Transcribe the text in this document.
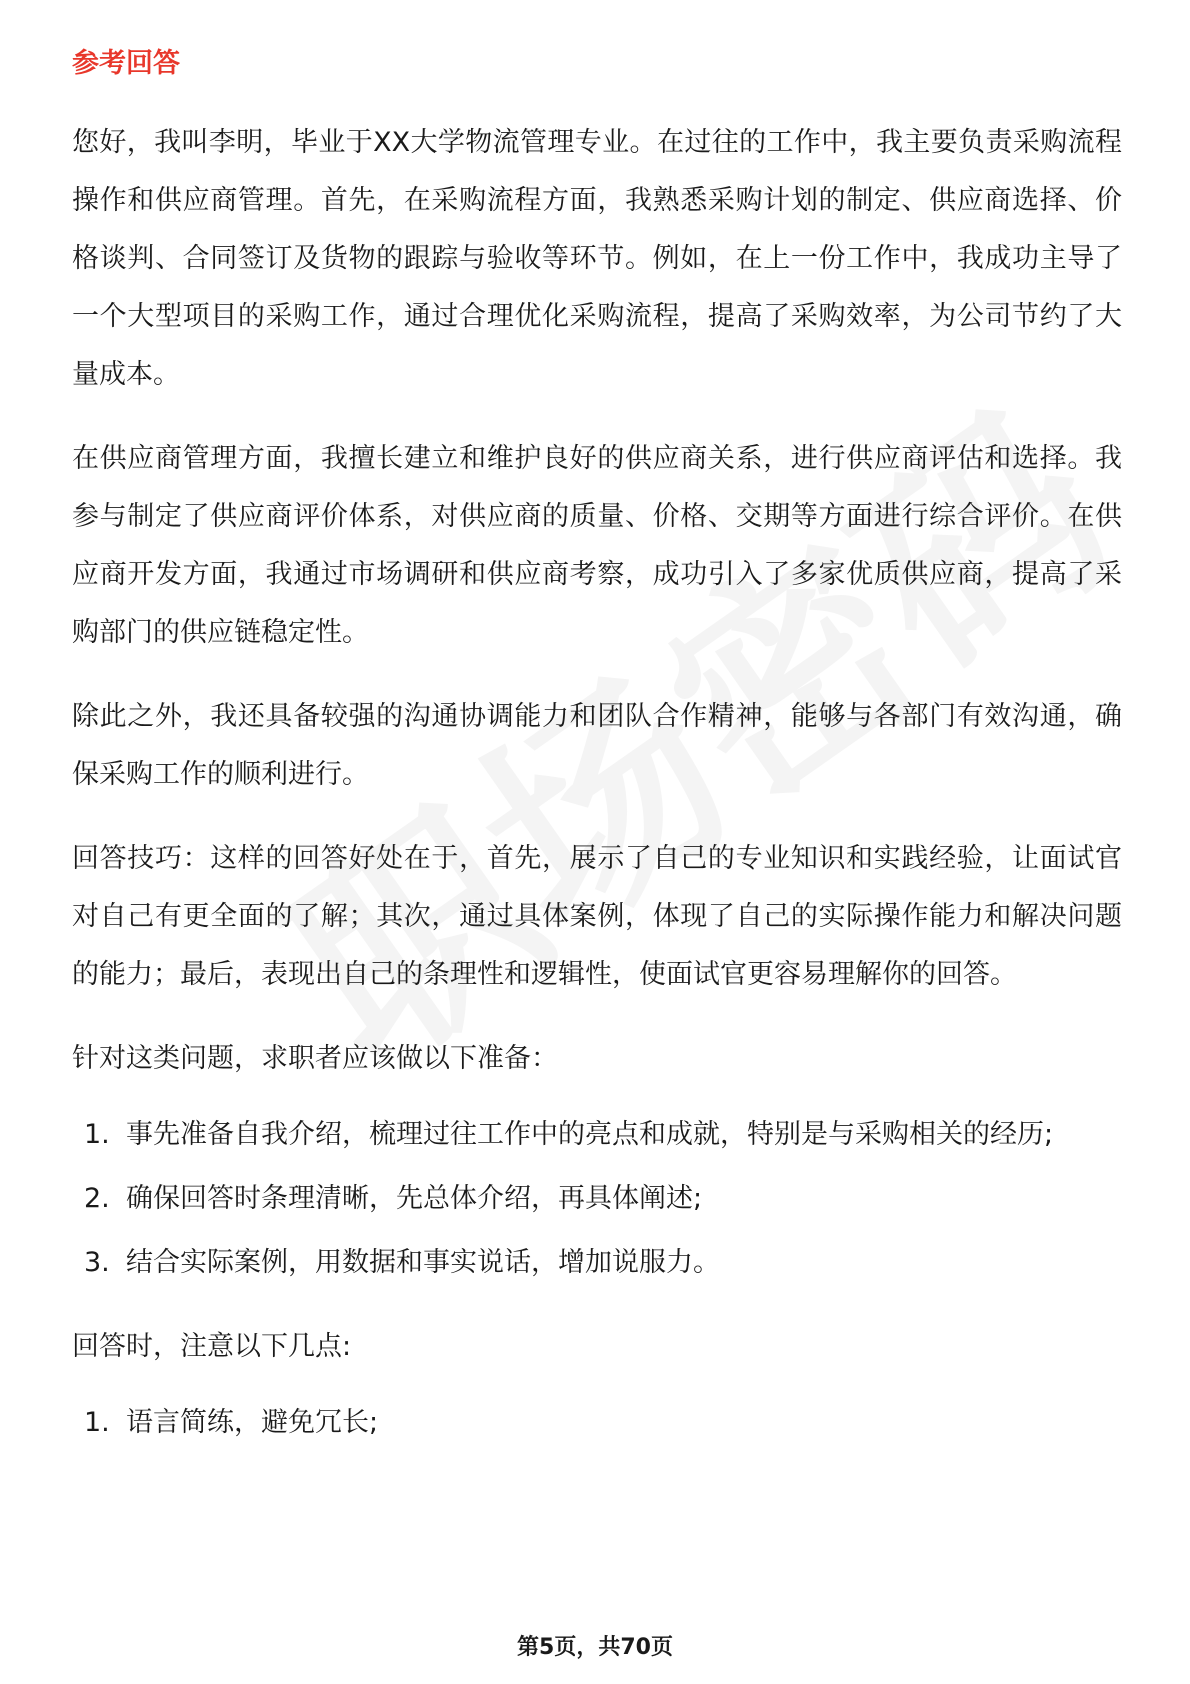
参考回答

您好，我叫李明，毕业于XX大学物流管理专业。在过往的工作中，我主要负责采购流程操作和供应商管理。首先，在采购流程方面，我熟悉采购计划的制定、供应商选择、价格谈判、合同签订及货物的跟踪与验收等环节。例如，在上一份工作中，我成功主导了一个大型项目的采购工作，通过合理优化采购流程，提高了采购效率，为公司节约了大量成本。

在供应商管理方面，我擅长建立和维护良好的供应商关系，进行供应商评估和选择。我参与制定了供应商评价体系，对供应商的质量、价格、交期等方面进行综合评价。在供应商开发方面，我通过市场调研和供应商考察，成功引入了多家优质供应商，提高了采购部门的供应链稳定性。

除此之外，我还具备较强的沟通协调能力和团队合作精神，能够与各部门有效沟通，确保采购工作的顺利进行。

回答技巧：这样的回答好处在于，首先，展示了自己的专业知识和实践经验，让面试官对自己有更全面的了解；其次，通过具体案例，体现了自己的实际操作能力和解决问题的能力；最后，表现出自己的条理性和逻辑性，使面试官更容易理解你的回答。

针对这类问题，求职者应该做以下准备：

1. 事先准备自我介绍，梳理过往工作中的亮点和成就，特别是与采购相关的经历;
2. 确保回答时条理清晰，先总体介绍，再具体阐述;
3. 结合实际案例，用数据和事实说话，增加说服力。

回答时，注意以下几点:

1. 语言简练，避免冗长;
第5页，共70页
